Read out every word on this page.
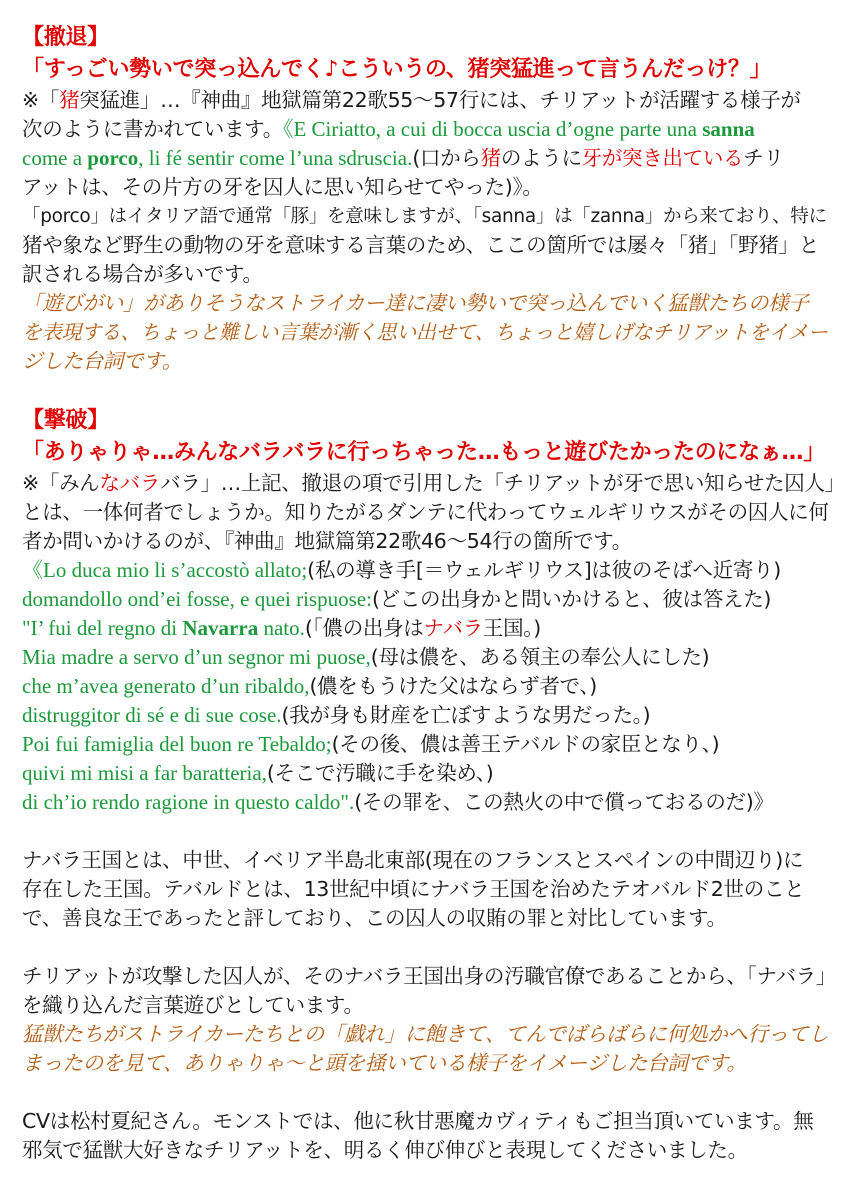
【撤退】
「すっごい勢いで突っ込んでく♪こういうの、猪突猛進って言うんだっけ？」
※「猪突猛進」…『神曲』地獄篇第22歌55～57行には、チリアットが活躍する様子が
次のように書かれています。《E Ciriatto, a cui di bocca uscia d’ogne parte una sanna
come a porco, li fé sentir come l’una sdruscia.(口から猪のように牙が突き出ているチリ
アットは、その片方の牙を囚人に思い知らせてやった)》。
「porco」はイタリア語で通常「豚」を意味しますが、「sanna」は「zanna」から来ており、特に
猪や象など野生の動物の牙を意味する言葉のため、ここの箇所では屡々「猪」「野猪」と
訳される場合が多いです。
「遊びがい」がありそうなストライカー達に凄い勢いで突っ込んでいく猛獣たちの様子
を表現する、ちょっと難しい言葉が漸く思い出せて、ちょっと嬉しげなチリアットをイメー
ジした台詞です。
【撃破】
「ありゃりゃ…みんなバラバラに行っちゃった…もっと遊びたかったのになぁ…」
※「みんなバラバラ」…上記、撤退の項で引用した「チリアットが牙で思い知らせた囚人」
とは、一体何者でしょうか。知りたがるダンテに代わってウェルギリウスがその囚人に何
者か問いかけるのが、『神曲』地獄篇第22歌46～54行の箇所です。
《Lo duca mio li s’accostò allato;(私の導き手[＝ウェルギリウス]は彼のそばへ近寄り)
domandollo ond’ei fosse, e quei rispuose:(どこの出身かと問いかけると、彼は答えた)
"I’ fui del regno di Navarra nato.(「儂の出身はナバラ王国。)
Mia madre a servo d’un segnor mi puose,(母は儂を、ある領主の奉公人にした)
che m’avea generato d’un ribaldo,(儂をもうけた父はならず者で、)
distruggitor di sé e di sue cose.(我が身も財産を亡ぼすような男だった。)
Poi fui famiglia del buon re Tebaldo;(その後、儂は善王テバルドの家臣となり、)
quivi mi misi a far baratteria,(そこで汚職に手を染め、)
di ch’io rendo ragione in questo caldo".(その罪を、この熱火の中で償っておるのだ)》
ナバラ王国とは、中世、イベリア半島北東部(現在のフランスとスペインの中間辺り)に
存在した王国。テバルドとは、13世紀中頃にナバラ王国を治めたテオバルド2世のこと
で、善良な王であったと評しており、この囚人の収賄の罪と対比しています。
チリアットが攻撃した囚人が、そのナバラ王国出身の汚職官僚であることから、「ナバラ」
を織り込んだ言葉遊びとしています。
猛獣たちがストライカーたちとの「戯れ」に飽きて、てんでばらばらに何処かへ行ってし
まったのを見て、ありゃりゃ～と頭を掻いている様子をイメージした台詞です。
CVは松村夏紀さん。モンストでは、他に秋甘悪魔カヴィティもご担当頂いています。無
邪気で猛獣大好きなチリアットを、明るく伸び伸びと表現してくださいました。
